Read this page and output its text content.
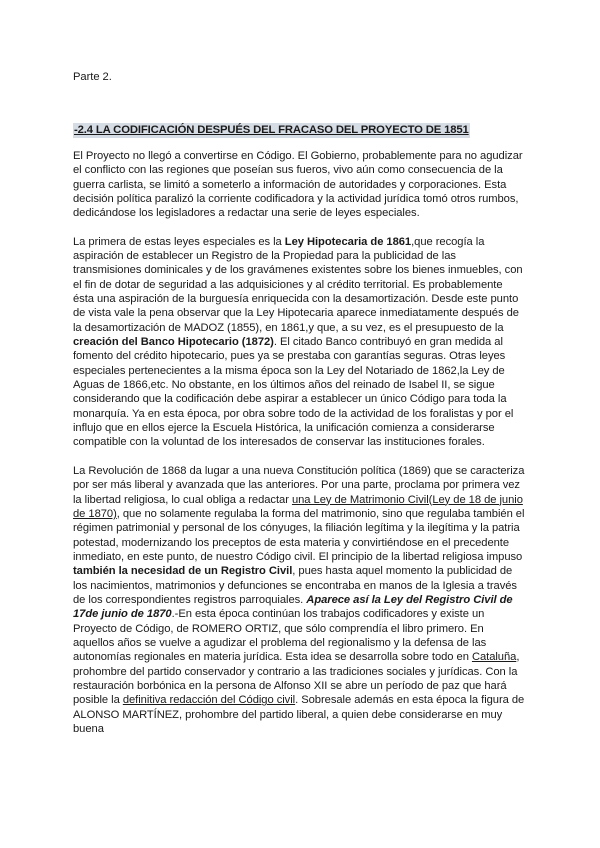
Parte 2.
-2.4 LA CODIFICACIÓN DESPUÉS DEL FRACASO DEL PROYECTO DE 1851

El Proyecto no llegó a convertirse en Código. El Gobierno, probablemente para no agudizar el conflicto con las regiones que poseían sus fueros, vivo aún como consecuencia de la guerra carlista, se limitó a someterlo a información de autoridades y corporaciones. Esta decisión política paralizó la corriente codificadora y la actividad jurídica tomó otros rumbos, dedicándose los legisladores a redactar una serie de leyes especiales.

La primera de estas leyes especiales es la Ley Hipotecaria de 1861,que recogía la aspiración de establecer un Registro de la Propiedad para la publicidad de las transmisiones dominicales y de los gravámenes existentes sobre los bienes inmuebles, con el fin de dotar de seguridad a las adquisiciones y al crédito territorial. Es probablemente ésta una aspiración de la burguesía enriquecida con la desamortización. Desde este punto de vista vale la pena observar que la Ley Hipotecaria aparece inmediatamente después de la desamortización de MADOZ (1855), en 1861,y que, a su vez, es el presupuesto de la creación del Banco Hipotecario (1872). El citado Banco contribuyó en gran medida al fomento del crédito hipotecario, pues ya se prestaba con garantías seguras. Otras leyes especiales pertenecientes a la misma época son la Ley del Notariado de 1862,la Ley de Aguas de 1866,etc. No obstante, en los últimos años del reinado de Isabel II, se sigue considerando que la codificación debe aspirar a establecer un único Código para toda la monarquía. Ya en esta época, por obra sobre todo de la actividad de los foralistas y por el influjo que en ellos ejerce la Escuela Histórica, la unificación comienza a considerarse compatible con la voluntad de los interesados de conservar las instituciones forales.

La Revolución de 1868 da lugar a una nueva Constitución política (1869) que se caracteriza por ser más liberal y avanzada que las anteriores. Por una parte, proclama por primera vez la libertad religiosa, lo cual obliga a redactar una Ley de Matrimonio Civil(Ley de 18 de junio de 1870), que no solamente regulaba la forma del matrimonio, sino que regulaba también el régimen patrimonial y personal de los cónyuges, la filiación legítima y la ilegítima y la patria potestad, modernizando los preceptos de esta materia y convirtiéndose en el precedente inmediato, en este punto, de nuestro Código civil. El principio de la libertad religiosa impuso también la necesidad de un Registro Civil, pues hasta aquel momento la publicidad de los nacimientos, matrimonios y defunciones se encontraba en manos de la Iglesia a través de los correspondientes registros parroquiales. Aparece así la Ley del Registro Civil de 17de junio de 1870.-En esta época continúan los trabajos codificadores y existe un Proyecto de Código, de ROMERO ORTIZ, que sólo comprendía el libro primero. En aquellos años se vuelve a agudizar el problema del regionalismo y la defensa de las autonomías regionales en materia jurídica. Esta idea se desarrolla sobre todo en Cataluña, prohombre del partido conservador y contrario a las tradiciones sociales y jurídicas. Con la restauración borbónica en la persona de Alfonso XII se abre un período de paz que hará posible la definitiva redacción del Código civil. Sobresale además en esta época la figura de ALONSO MARTÍNEZ, prohombre del partido liberal, a quien debe considerarse en muy buena
